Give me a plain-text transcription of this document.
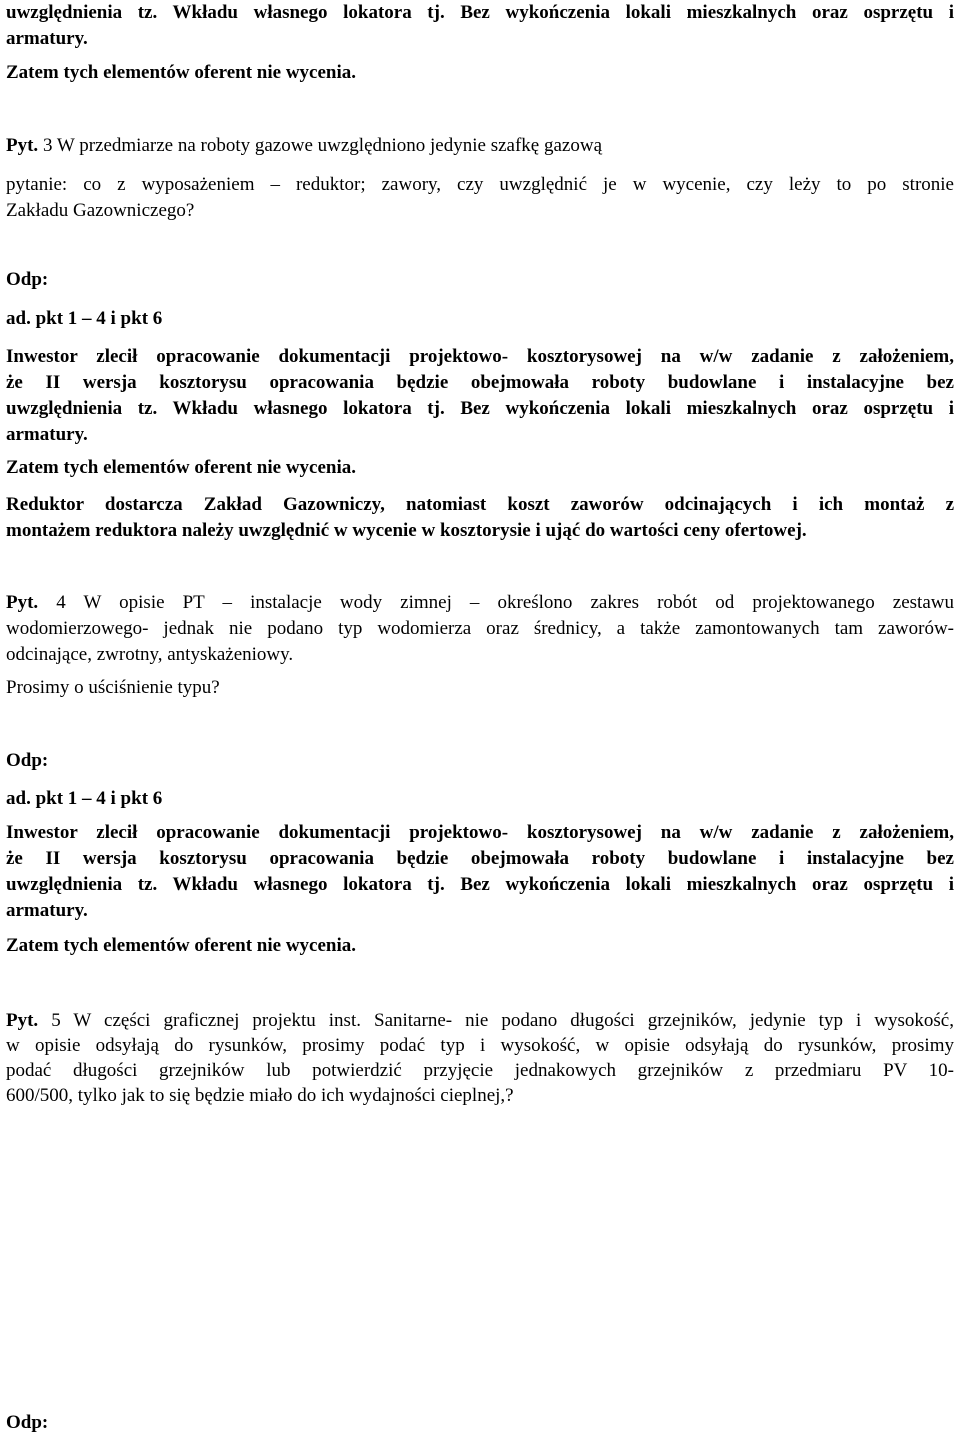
uwzględnienia tz. Wkładu własnego lokatora tj. Bez wykończenia lokali mieszkalnych oraz osprzętu i
armatury.
Zatem tych elementów oferent nie wycenia.
Pyt. 3 W przedmiarze na roboty gazowe uwzględniono jedynie szafkę gazową
pytanie: co z wyposażeniem – reduktor; zawory, czy uwzględnić je w wycenie, czy leży to po stronie
Zakładu Gazowniczego?
Odp:
ad. pkt 1 – 4 i pkt 6
Inwestor zlecił opracowanie dokumentacji projektowo- kosztorysowej na w/w zadanie z założeniem,
że II wersja kosztorysu opracowania będzie obejmowała roboty budowlane i instalacyjne bez
uwzględnienia tz. Wkładu własnego lokatora tj. Bez wykończenia lokali mieszkalnych oraz osprzętu i
armatury.
Zatem tych elementów oferent nie wycenia.
Reduktor dostarcza Zakład Gazowniczy, natomiast koszt zaworów odcinających i ich montaż z
montażem reduktora należy uwzględnić w wycenie w kosztorysie i ująć do wartości ceny ofertowej.
Pyt. 4 W opisie PT – instalacje wody zimnej – określono zakres robót od projektowanego zestawu
wodomierzowego- jednak nie podano typ wodomierza oraz średnicy, a także zamontowanych tam zaworów-
odcinające, zwrotny, antyskażeniowy.
Prosimy o uściśnienie typu?
Odp:
ad. pkt 1 – 4 i pkt 6
Inwestor zlecił opracowanie dokumentacji projektowo- kosztorysowej na w/w zadanie z założeniem,
że II wersja kosztorysu opracowania będzie obejmowała roboty budowlane i instalacyjne bez
uwzględnienia tz. Wkładu własnego lokatora tj. Bez wykończenia lokali mieszkalnych oraz osprzętu i
armatury.
Zatem tych elementów oferent nie wycenia.
Pyt. 5 W części graficznej projektu inst. Sanitarne- nie podano długości grzejników, jedynie typ i wysokość,
w opisie odsyłają do rysunków, prosimy podać typ i wysokość, w opisie odsyłają do rysunków, prosimy
podać długości grzejników lub potwierdzić przyjęcie jednakowych grzejników z przedmiaru PV 10-
600/500, tylko jak to się będzie miało do ich wydajności cieplnej,?
Odp:
